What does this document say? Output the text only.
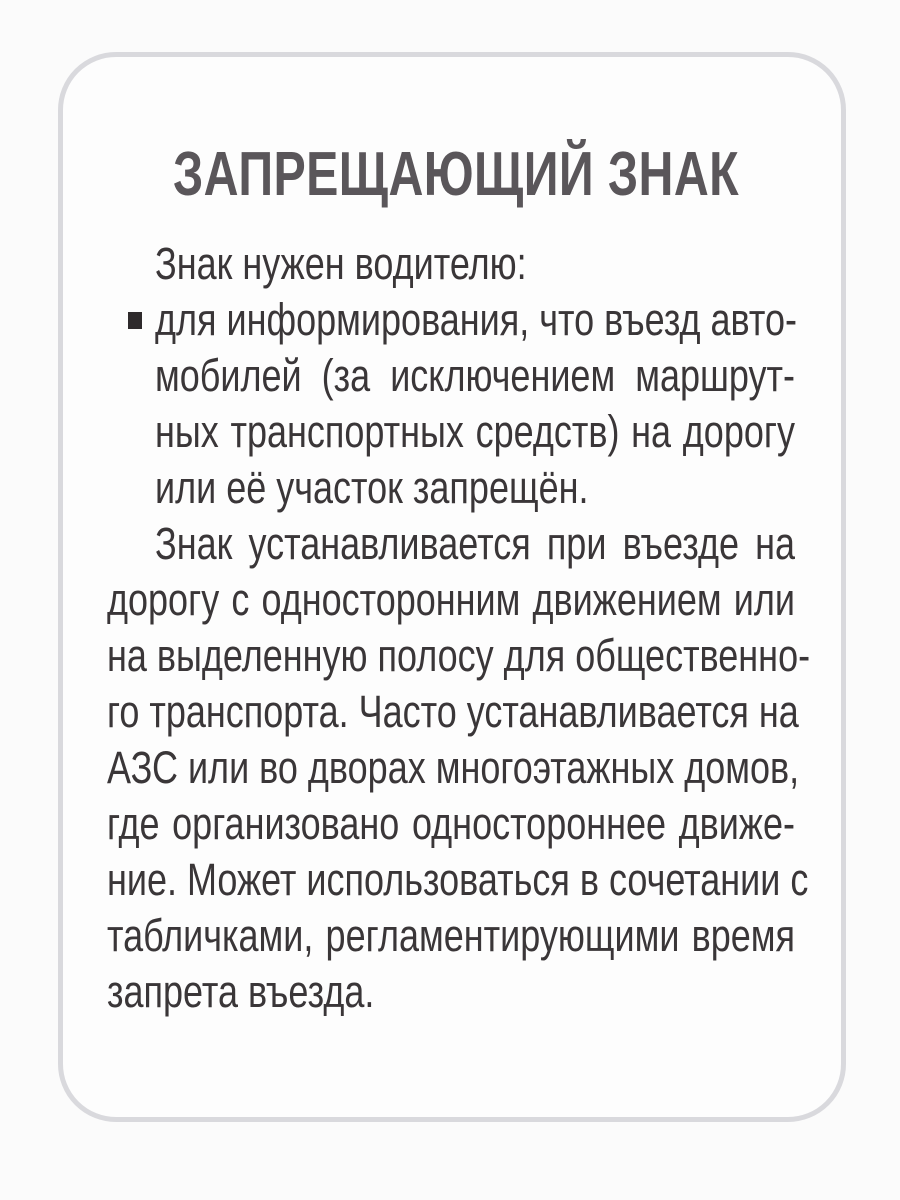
ЗАПРЕЩАЮЩИЙ ЗНАК
Знак нужен водителю:
для информирования, что въезд авто-
мобилей (за исключением маршрут-
ных транспортных средств) на дорогу
или её участок запрещён.
Знак устанавливается при въезде на
дорогу с односторонним движением или
на выделенную полосу для общественно-
го транспорта. Часто устанавливается на
АЗС или во дворах многоэтажных домов,
где организовано одностороннее движе-
ние. Может использоваться в сочетании с
табличками, регламентирующими время
запрета въезда.
